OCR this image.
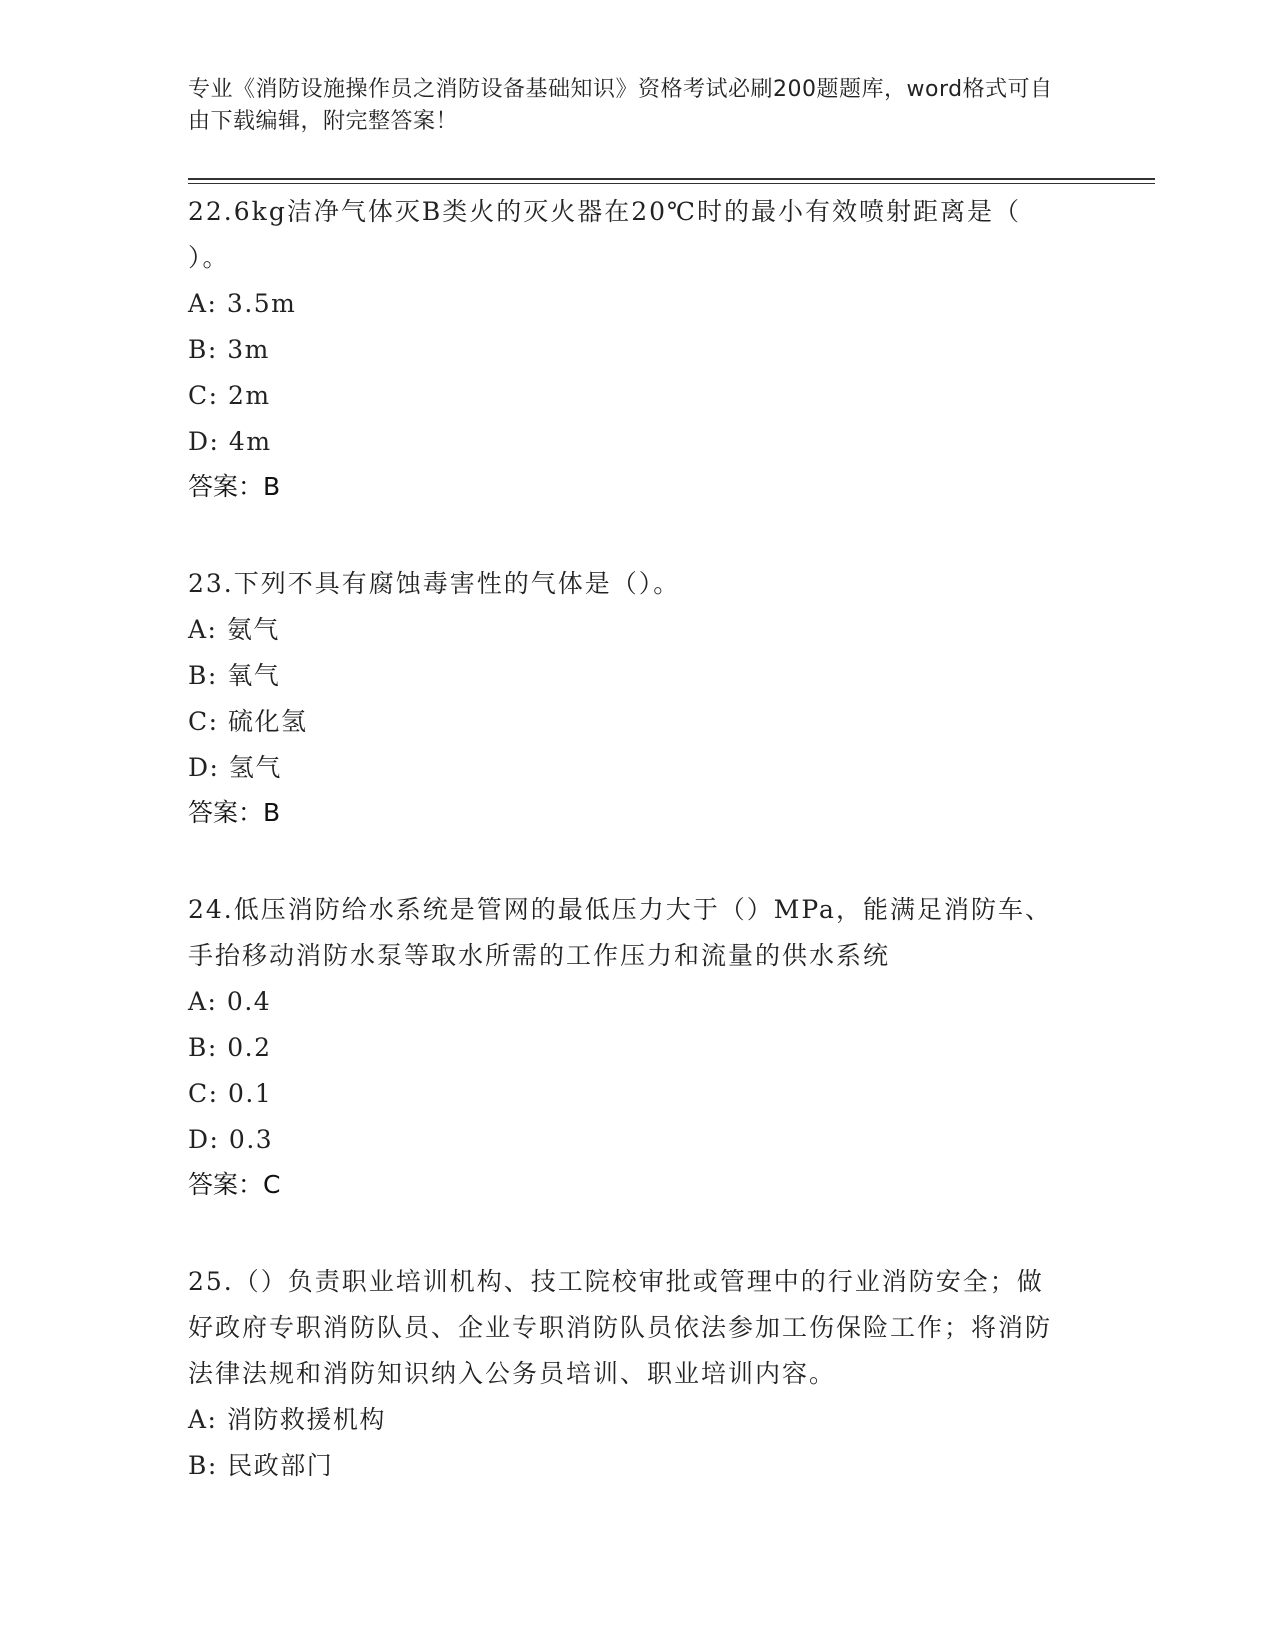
专业《消防设施操作员之消防设备基础知识》资格考试必刷200题题库，word格式可自由下载编辑，附完整答案！

22.6kg洁净气体灭B类火的灭火器在20℃时的最小有效喷射距离是（ ）。

A: 3.5m

B: 3m

C: 2m

D: 4m

答案：B

23.下列不具有腐蚀毒害性的气体是（）。

A: 氨气

B: 氧气

C: 硫化氢

D: 氢气

答案：B

24.低压消防给水系统是管网的最低压力大于（）MPa，能满足消防车、手抬移动消防水泵等取水所需的工作压力和流量的供水系统

A: 0.4

B: 0.2

C: 0.1

D: 0.3

答案：C

25.（）负责职业培训机构、技工院校审批或管理中的行业消防安全；做好政府专职消防队员、企业专职消防队员依法参加工伤保险工作；将消防法律法规和消防知识纳入公务员培训、职业培训内容。

A: 消防救援机构

B: 民政部门
